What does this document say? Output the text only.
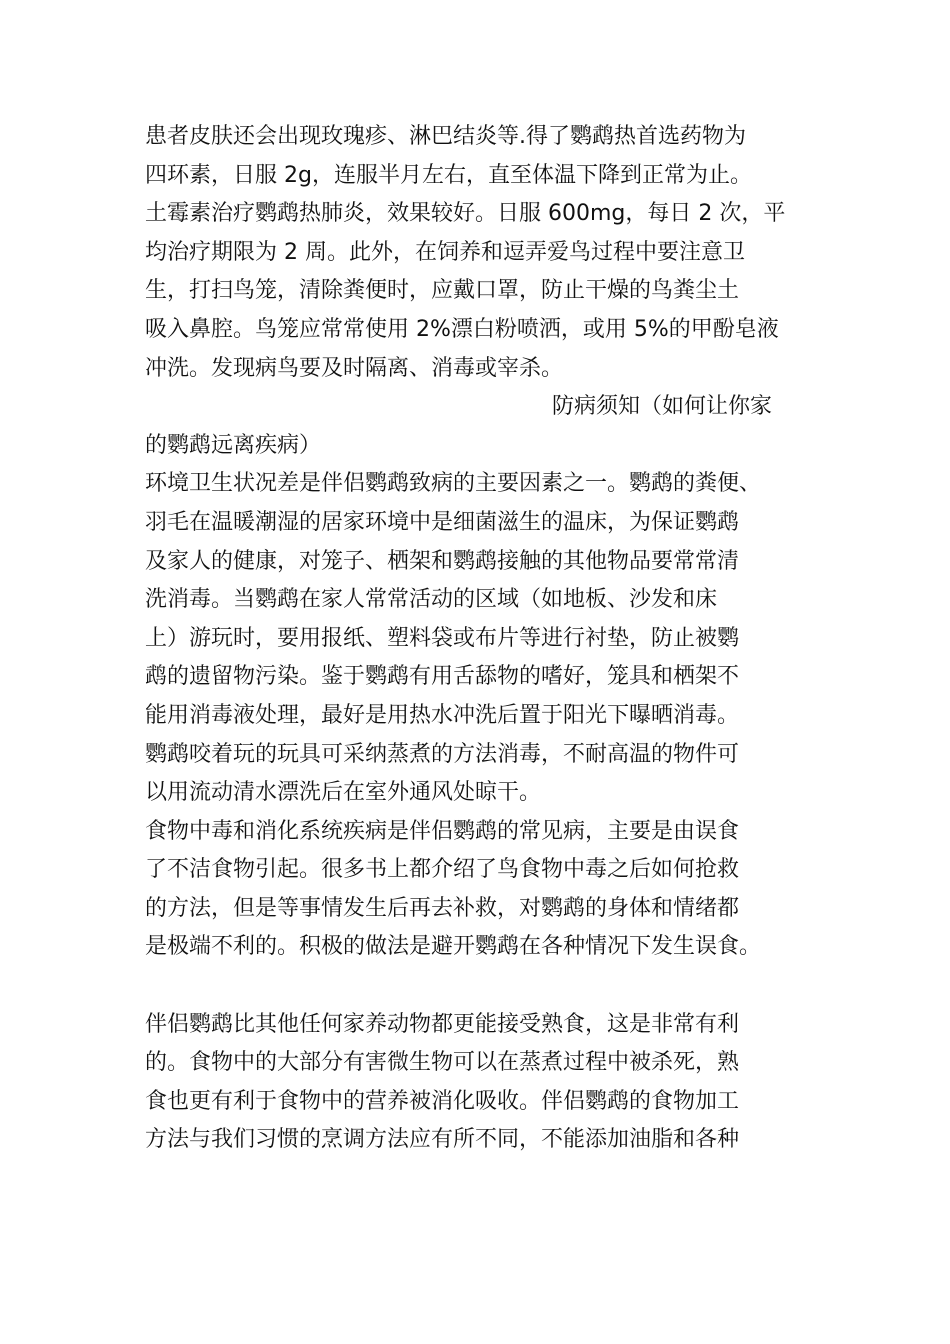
患者皮肤还会出现玫瑰疹、淋巴结炎等.得了鹦鹉热首选药物为
四环素，日服 2g，连服半月左右，直至体温下降到正常为止。
土霉素治疗鹦鹉热肺炎，效果较好。日服 600mg，每日 2 次，平
均治疗期限为 2 周。此外，在饲养和逗弄爱鸟过程中要注意卫
生，打扫鸟笼，清除粪便时，应戴口罩，防止干燥的鸟粪尘土
吸入鼻腔。鸟笼应常常使用 2%漂白粉喷洒，或用 5%的甲酚皂液
冲洗。发现病鸟要及时隔离、消毒或宰杀。
防病须知（如何让你家
的鹦鹉远离疾病）
环境卫生状况差是伴侣鹦鹉致病的主要因素之一。鹦鹉的粪便、
羽毛在温暖潮湿的居家环境中是细菌滋生的温床，为保证鹦鹉
及家人的健康，对笼子、栖架和鹦鹉接触的其他物品要常常清
洗消毒。当鹦鹉在家人常常活动的区域（如地板、沙发和床
上）游玩时，要用报纸、塑料袋或布片等进行衬垫，防止被鹦
鹉的遗留物污染。鉴于鹦鹉有用舌舔物的嗜好，笼具和栖架不
能用消毒液处理，最好是用热水冲洗后置于阳光下曝晒消毒。
鹦鹉咬着玩的玩具可采纳蒸煮的方法消毒，不耐高温的物件可
以用流动清水漂洗后在室外通风处晾干。
食物中毒和消化系统疾病是伴侣鹦鹉的常见病，主要是由误食
了不洁食物引起。很多书上都介绍了鸟食物中毒之后如何抢救
的方法，但是等事情发生后再去补救，对鹦鹉的身体和情绪都
是极端不利的。积极的做法是避开鹦鹉在各种情况下发生误食。
伴侣鹦鹉比其他任何家养动物都更能接受熟食，这是非常有利
的。食物中的大部分有害微生物可以在蒸煮过程中被杀死，熟
食也更有利于食物中的营养被消化吸收。伴侣鹦鹉的食物加工
方法与我们习惯的烹调方法应有所不同，不能添加油脂和各种
